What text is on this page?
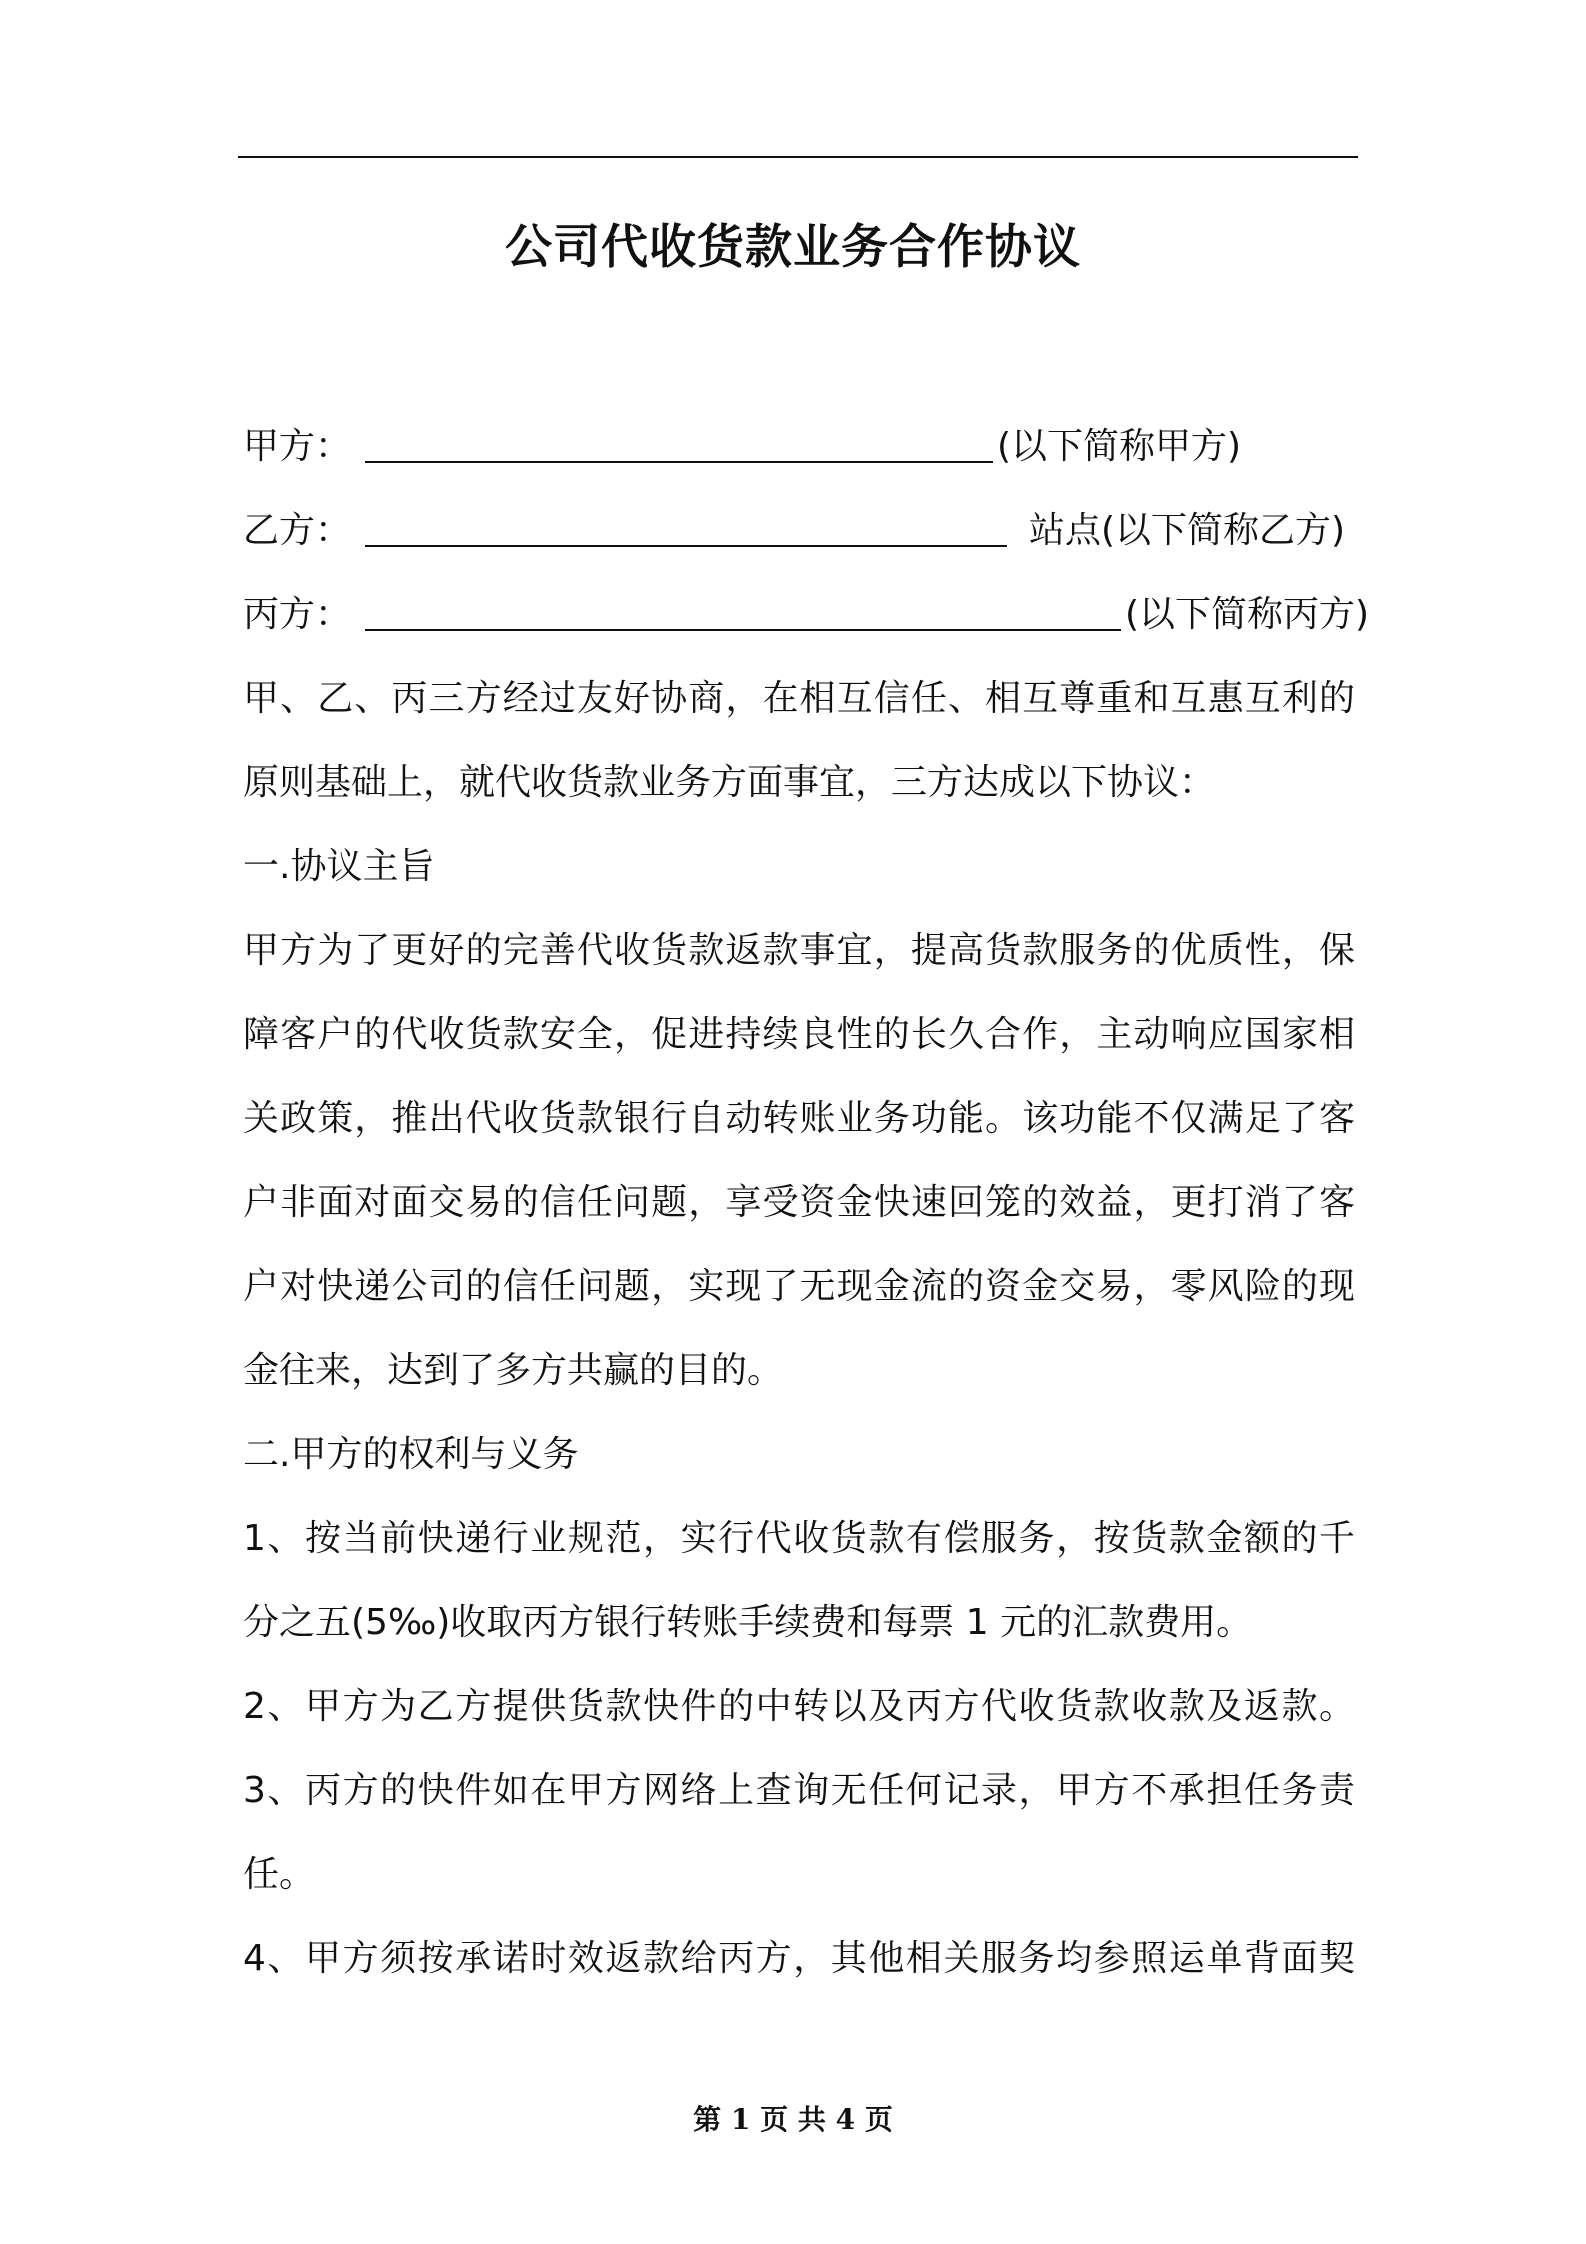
公司代收货款业务合作协议
甲方：	(以下简称甲方)
乙方：	站点(以下简称乙方)
丙方：	(以下简称丙方)
甲、乙、丙三方经过友好协商，在相互信任、相互尊重和互惠互利的
原则基础上，就代收货款业务方面事宜，三方达成以下协议：
一.协议主旨
甲方为了更好的完善代收货款返款事宜，提高货款服务的优质性，保
障客户的代收货款安全，促进持续良性的长久合作，主动响应国家相
关政策，推出代收货款银行自动转账业务功能。该功能不仅满足了客
户非面对面交易的信任问题，享受资金快速回笼的效益，更打消了客
户对快递公司的信任问题，实现了无现金流的资金交易，零风险的现
金往来，达到了多方共赢的目的。
二.甲方的权利与义务
1、按当前快递行业规范，实行代收货款有偿服务，按货款金额的千
分之五(5‰)收取丙方银行转账手续费和每票 1 元的汇款费用。
2、甲方为乙方提供货款快件的中转以及丙方代收货款收款及返款。
3、丙方的快件如在甲方网络上查询无任何记录，甲方不承担任务责
任。
4、甲方须按承诺时效返款给丙方，其他相关服务均参照运单背面契
第 1 页 共 4 页
